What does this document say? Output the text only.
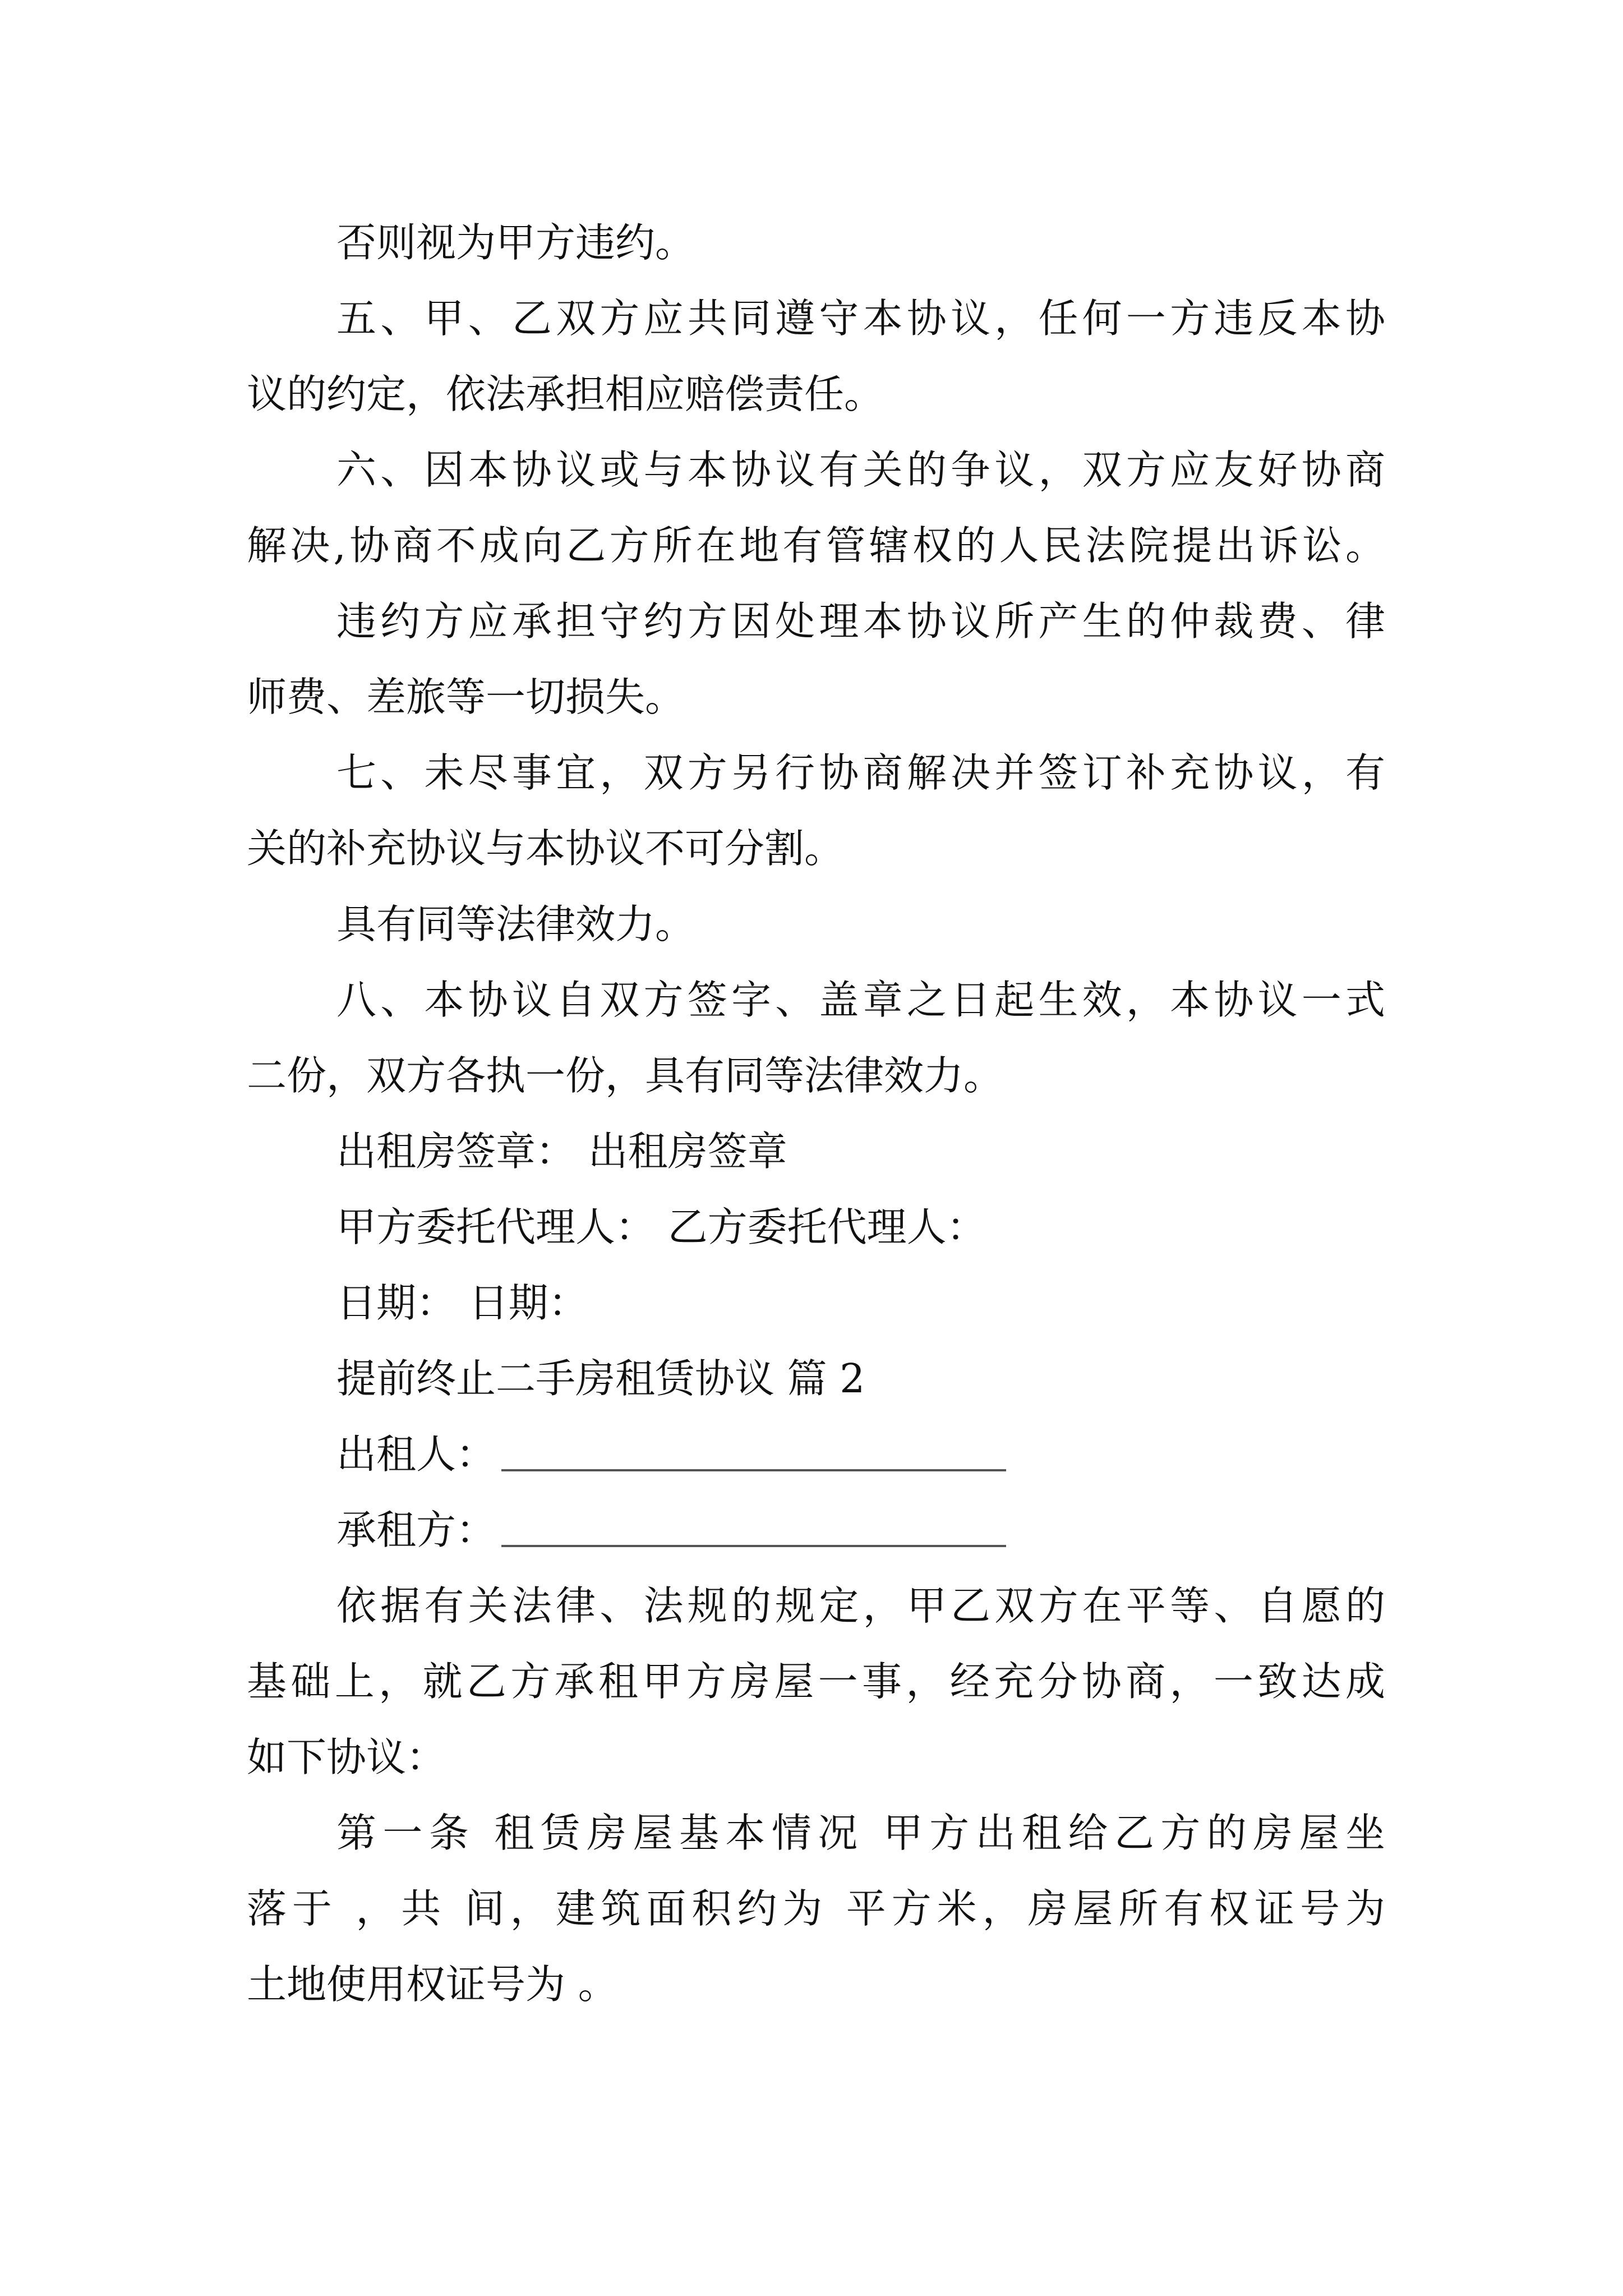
否则视为甲方违约。
五、甲、乙双方应共同遵守本协议，任何一方违反本协
议的约定，依法承担相应赔偿责任。
六、因本协议或与本协议有关的争议，双方应友好协商
解决,协商不成向乙方所在地有管辖权的人民法院提出诉讼。
违约方应承担守约方因处理本协议所产生的仲裁费、律
师费、差旅等一切损失。
七、未尽事宜，双方另行协商解决并签订补充协议，有
关的补充协议与本协议不可分割。
具有同等法律效力。
八、本协议自双方签字、盖章之日起生效，本协议一式
二份，双方各执一份，具有同等法律效力。
出租房签章： 出租房签章
甲方委托代理人： 乙方委托代理人：
日期： 日期：
提前终止二手房租赁协议 篇 2
出租人：
承租方：
依据有关法律、法规的规定，甲乙双方在平等、自愿的
基础上，就乙方承租甲方房屋一事，经充分协商，一致达成
如下协议：
第一条 租赁房屋基本情况 甲方出租给乙方的房屋坐
落于 ，共 间，建筑面积约为 平方米，房屋所有权证号为
土地使用权证号为 。
